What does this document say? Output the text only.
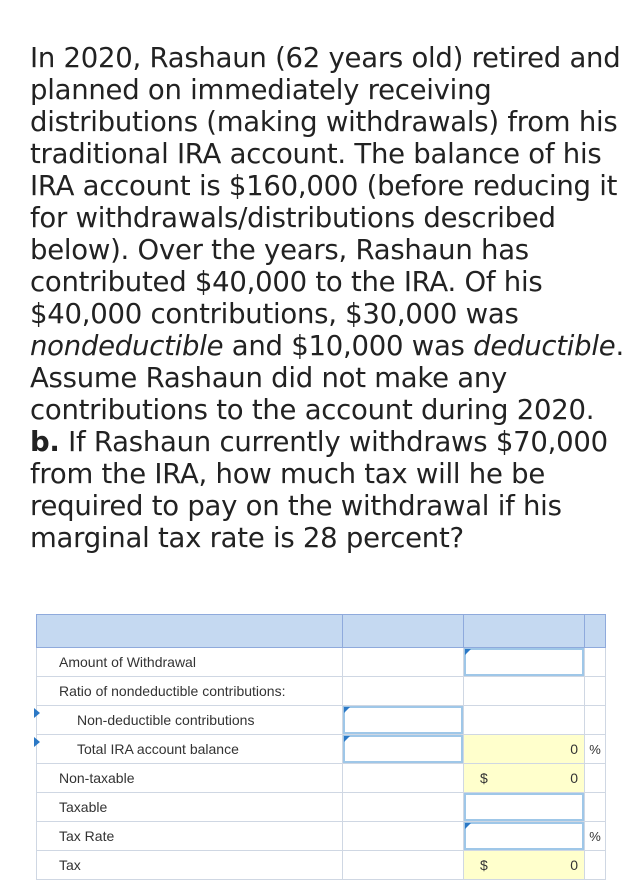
In 2020, Rashaun (62 years old) retired and planned on immediately receiving distributions (making withdrawals) from his traditional IRA account. The balance of his IRA account is $160,000 (before reducing it for withdrawals/distributions described below). Over the years, Rashaun has contributed $40,000 to the IRA. Of his $40,000 contributions, $30,000 was nondeductible and $10,000 was deductible. Assume Rashaun did not make any contributions to the account during 2020.

b. If Rashaun currently withdraws $70,000 from the IRA, how much tax will he be required to pay on the withdrawal if his marginal tax rate is 28 percent?

Amount of Withdrawal		

Ratio of nondeductible contributions:			

Non-deductible contributions	

Total IRA account balance		0	%

Non-taxable		$ 0	

Taxable		

Tax Rate			%

Tax		$ 0	
